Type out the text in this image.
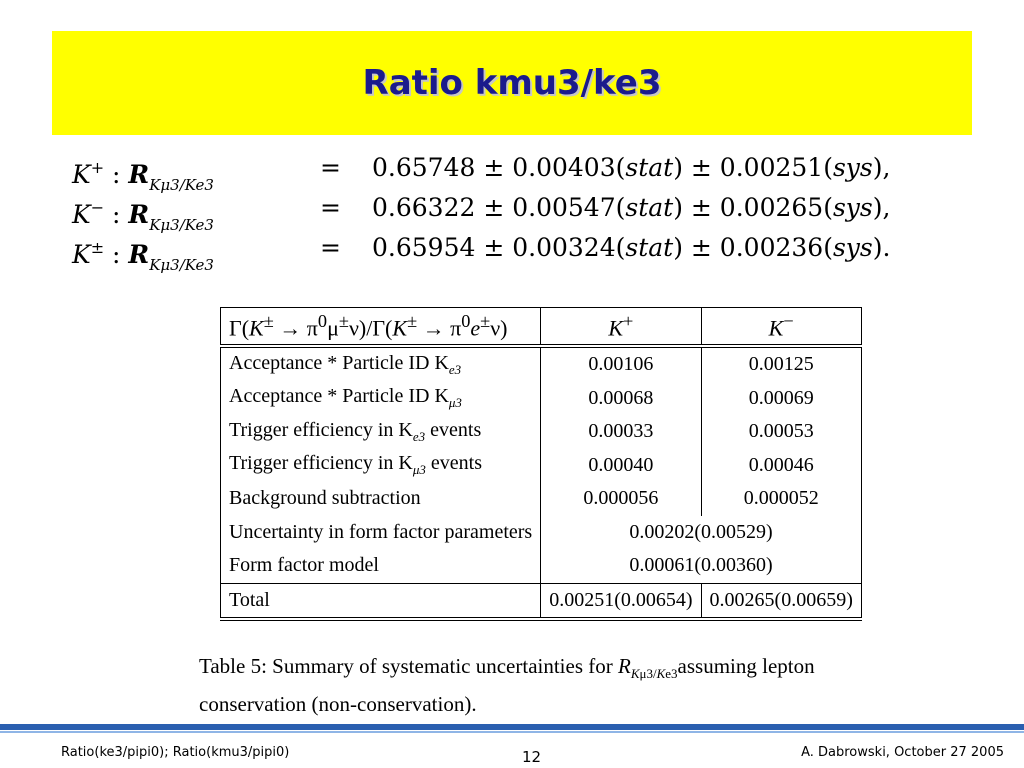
Ratio kmu3/ke3
K+ : $R_{K\mu 3/Ke3}$
= 0.65748 ± 0.00403(stat) ± 0.00251(sys),
K− : $R_{K\mu 3/Ke3}$
= 0.66322 ± 0.00547(stat) ± 0.00265(sys),
K± : $R_{K\mu 3/Ke3}$
= 0.65954 ± 0.00324(stat) ± 0.00236(sys).
$\Gamma(K^\pm \to \pi^0\mu^\pm\nu)/\Gamma(K^\pm \to \pi^0e^\pm\nu)$	K+	K−
Acceptance * Particle ID $K_{e3}$	0.00106	0.00125
Acceptance * Particle ID $K_{\mu 3}$	0.00068	0.00069
Trigger efficiency in $K_{e3}$ events	0.00033	0.00053
Trigger efficiency in $K_{\mu 3}$ events	0.00040	0.00046
Background subtraction	0.000056	0.000052
Uncertainty in form factor parameters	0.00202(0.00529)	
Form factor model	0.00061(0.00360)	
Total	0.00251(0.00654)	0.00265(0.00659)
Table 5: Summary of systematic uncertainties for $R_{K\mu 3/Ke3}assuming$ lepton conservation (non-conservation).
Ratio(ke3/pipi0); Ratio(kmu3/pipi0)	12	A. Dabrowski, October 27 2005
